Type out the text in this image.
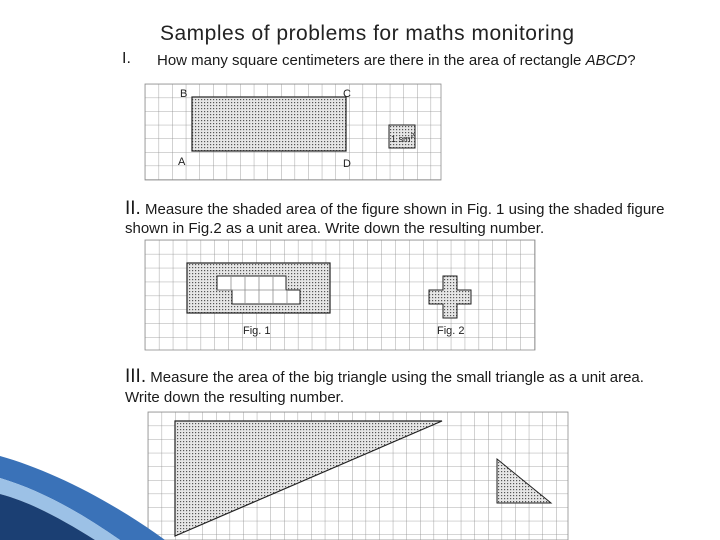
B	C
A	D
1 $sm^2$
Fig. 1	Fig. 2
Samples of problems for maths monitoring
I. How many square centimeters are there in the area of rectangle ABCD?
II. Measure the shaded area of the figure shown in Fig. 1 using the shaded figure
shown in Fig.2 as a unit area. Write down the resulting number.
III. Measure the area of the big triangle using the small triangle as a unit area.
Write down the resulting number.
